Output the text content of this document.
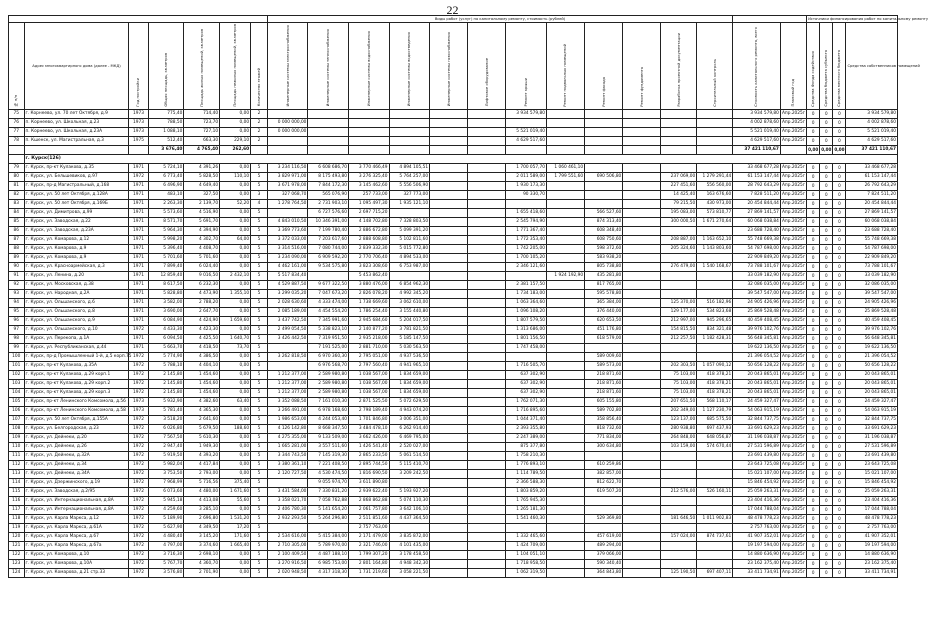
22
							Виды работ (услуг) по капитальному ремонту, стоимость (рублей)														Источники финансирования работ по капитальному ремонту			
№ п/п	Адрес многоквартирного дома (далее - МКД)	Год постройки	Общая площадь, кв.метров	Площадь жилых помещений, кв.метров	Площадь нежилых помещений, кв.метров	Количество этажей	Инженерные системы электроснабжения	Инженерные системы теплоснабжения	Инженерные системы водоснабжения	Инженерные системы водоотведения	Инженерные системы газоснабжения	Лифтовое оборудование	Ремонт крыши	Ремонт подвальных помещений	Ремонт фасада	Ремонт фундамента	Разработка проектной документации	Строительный контроль	Стоимость капитального ремонта, всего	Плановый год	Средства Фонда содействия	Средства бюджета субъекта	Средства местного бюджета	Средства собственников помещений
75	г. Корнеево, ул. 70 лет Октября, д.9	1973	775,40	714,40	0,00	2							3 934 579,80						3 934 579,80	Апр.2025г	0	0	0	3 934 579,80
76	п. Корнеево, ул. Школьная, д.23	1973	788,50	723,70	0,00	2	0 000 000,00												4 002 878,60	Апр.2025г	0	0	0	4 002 878,60
77	п. Корнеево, ул. Школьная, д.23А	1973	1 088,10	727,10	0,00	2	0 000 000,00						5 521 019,40						5 521 019,40	Апр.2025г	0	0	0	5 521 019,40
78	п. Кшенск, ул. Магистральная, д.3	1975	512,40	663,30	229,10	2							4 629 517,60						4 629 517,60	Апр.2025г	0	0	0	4 629 517,60
			3 676,40	4 765,40	262,60														37 421 110,67		0,00	0,00	0,00	37 421 110,67
	г. Курск(126)																							
79	г. Курск, пр-кт Кулакова, д.35	1971	5 724,10	4 391,26	0,00	5	3 234 116,50	6 608 686,70	3 770 466,49	4 894 105,51			1 700 057,70	1 060 461,10					33 468 677,28	Апр.2025г	0	0	0	33 468 677,28
80	г. Курск, ул. Бельшевиков, д.97	1972	6 773,40	5 828,50	110,10	5	3 829 971,00	8 175 493,80	3 276 325,40	5 764 257,00			2 011 589,00	1 799 551,60	690 506,80		237 069,00	1 279 291,44	61 153 147,44	Апр.2025г	0	0	0	61 153 147,44
81	г. Курск, пр-д Магистральный, д.168	1971	6 496,90	4 649,40	0,00	5	3 671 978,00	7 844 172,30	3 145 462,60	5 556 506,90			1 930 173,30				227 451,60	556 560,00	28 792 643,29	Апр.2025г	0	0	0	26 792 643,29
82	г. Курск, ул. 50 лет Октября, д.128А	1971	483,10	327,50	0,00	3	327 068,70	565 076,90	257 733,00	327 773,00			90 330,70				14 425,40	163 676,60	7 828 511,20	Апр.2025г	0	0	0	7 824 511,20
83	г. Курск, ул. 50 лет Октября, д.169Б	1971	2 263,30	2 139,70	52,20	4	1 278 764,50	2 731 903,10	1 095 497,30	1 935 121,10							79 215,50	430 973,00	20 454 844,44	Апр.2025г	0	0	0	20 454 844,44
84	г. Курск, ул. Димитрова, д.99	1971	5 573,60	4 516,90	0,00	5		6 727 576,60	2 697 715,20				1 655 418,60		566 527,60		195 083,00	573 810,77	27 869 141,57	Апр.2025г	0	0	0	27 869 141,57
85	г. Курск, ул. Заводская, д.22	1971	8 571,70	5 691,70	0,00	5	4 843 010,50	10 346 391,00	4 148 702,80	7 328 803,50			2 545 794,90		874 313,40		300 000,50	1 671 270,64	60 068 038,84	Апр.2025г	0	0	0	60 068 038,84
86	г. Курск, ул. Заводская, д.23А	1971	5 964,30	4 394,90	0,00	5	3 369 773,60	7 199 780,40	2 886 672,80	5 099 391,20			1 771 367,40		608 348,40				23 688 728,40	Апр.2025г	0	0	0	23 688 728,40
87	г. Курск, ул. Комарова, д.12	1971	5 998,20	4 302,70	64,00	5	3 372 033,00	7 203 617,60	2 888 608,80	5 102 811,60			1 772 353,40		608 750,60		208 887,00	1 163 652,10	55 748 669,38	Апр.2025г	0	0	0	55 748 669,38
88	г. Курск, ул. Комарова, д.9	1971	5 396,40	4 408,70	0,00	5	3 314 516,00	7 080 744,00	2 839 332,30	5 015 772,80			1 742 205,00		598 372,60		205 324,60	1 143 803,60	54 787 698,00	Апр.2025г	0	0	0	54 787 698,00
89	г. Курск, ул. Комарова, д.9	1971	5 701,60	5 701,60	0,00	5	3 234 090,00	6 909 592,20	2 770 706,40	4 894 533,00			1 700 105,20		583 938,20				22 909 849,20	Апр.2025г	0	0	0	22 909 849,20
90	г. Курск, ул. Красноармейская, д.3	1971	7 899,40	6 024,40	0,00	5	4 462 161,00	9 534 575,80	3 823 308,60	6 753 987,00			2 346 121,60		805 738,80		276 479,00	1 540 168,67	73 788 101,67	Апр.2025г	0	0	0	73 788 101,67
91	г. Курск, ул. Ленина, д.20	1971	12 859,40	9 016,50	2 432,10	5	5 517 834,40		5 453 862,40					1 924 192,90	435 281,80				33 039 182,90	Апр.2025г	0	0	0	33 039 182,90
92	г. Курск, ул. Московская, д.38	1971	8 617,50	6 232,30	0,00	5	4 529 887,50	9 677 322,50	3 880 476,00	6 854 962,30			2 381 157,50		817 765,00				32 086 035,00	Апр.2025г	0	0	0	32 086 035,00
93	г. Курск, ул. Народная, д.2А	1971	5 828,80	4 473,90	1 355,10	5	3 299 035,20	7 047 673,20	2 826 078,20	4 992 345,20			1 734 183,00		595 578,80				39 547 547,00	Апр.2025г	0	0	0	39 547 547,00
94	г. Курск, ул. Ольшанского, д.6	1971	3 582,00	2 788,20	0,00	5	2 028 630,60	4 333 474,00	1 738 669,60	3 062 610,00			1 063 364,60		365 384,00		125 370,00	516 182,96	24 905 426,96	Апр.2025г	0	0	0	24 905 426,96
95	г. Курск, ул. Ольшанского, д.8	1971	3 690,00	2 647,70	0,00	5	2 085 189,00	4 454 554,20	1 786 254,40	3 155 440,80			1 096 108,20		376 440,00		129 177,00	534 823,68	25 869 528,48	Апр.2025г	0	0	0	25 869 528,48
96	г. Курск, ул. Ольшанского, д.9	1971	6 084,90	4 424,90	1 659,60	5	3 437 742,50	7 345 991,60	2 945 684,60	5 204 017,50			1 807 579,50		620 653,50		212 997,00	945 296,65	40 459 408,45	Апр.2025г	0	0	0	40 459 408,45
97	г. Курск, ул. Ольшанского, д.10	1972	4 433,30	4 423,30	0,00	5	2 499 054,50	5 338 823,10	2 140 877,20	3 781 821,50			1 313 686,00		451 176,80		154 815,50	834 321,48	39 976 102,76	Апр.2025г	0	0	0	39 976 102,76
98	г. Курск, ул. Перекопа, д.1А	1971	6 094,50	4 425,50	1 640,70	5	3 426 442,50	7 319 951,50	2 935 218,00	5 185 147,50			1 801 156,50		618 579,00		212 257,50	1 182 428,31	56 648 345,81	Апр.2025г	0	0	0	56 648 345,81
99	г. Курск, ул. Республиканская, д.44	1971	5 663,70	4 418,50	73,70	5		7 191 525,00	2 881 710,00	5 030 563,50			1 747 458,00						19 622 136,50	Апр.2025г	0	0	0	19 622 136,50
100	г. Курск, пр-д Промышленный 1-й, д.5 корп.75	1972	5 774,90	4 386,50	0,00	5	3 262 818,50	6 970 360,30	2 795 051,00	4 937 536,50					589 009,60				21 396 054,52	Апр.2025г	0	0	0	21 396 054,52
101	г. Курск, пр-кт Кулакова, д.35А	1972	5 788,10	4 404,10	0,00	5		6 976 568,70	2 797 560,40	4 941 965,10			1 716 505,70		589 573,00		202 303,50	1 057 090,12	50 656 128,22	Апр.2025г	0	0	0	50 656 128,22
102	г. Курск, пр-кт Кулакова, д.29 корп.1	1972	2 145,80	1 454,60	0,00	5	1 212 377,00	2 589 980,80	1 038 567,00	1 834 659,00			637 302,90		218 871,60		75 103,00	418 378,21	20 043 865,01	Апр.2025г	0	0	0	20 043 865,01
103	г. Курск, пр-кт Кулакова, д.29 корп.2	1972	2 145,80	1 454,60	0,00	5	1 212 377,00	2 589 980,80	1 038 567,00	1 834 659,00			637 302,90		218 871,60		75 103,00	418 378,21	20 043 865,01	Апр.2025г	0	0	0	20 043 865,01
104	г. Курск, пр-кт Кулакова, д.29 корп.3	1972	2 145,80	1 454,60	0,00	5	1 212 377,00	2 589 980,80	1 038 567,00	1 834 659,00			637 302,90		218 871,60		75 103,00	418 378,21	20 043 865,01	Апр.2025г	0	0	0	20 043 865,01
105	г. Курск, пр-кт Ленинского Комсомола, д.56	1973	5 932,90	4 382,60	63,40	5	3 352 088,50	7 161 010,30	2 871 525,50	5 072 629,50			1 762 071,30		605 155,80		207 651,50	568 110,17	24 459 327,47	Апр.2025г	0	0	0	24 459 327,47
106	г. Курск, пр-кт Ленинского Комсомола, д.58	1973	5 781,40	4 365,30	0,00	5	3 266 491,00	6 978 168,60	2 798 189,40	4 943 074,20			1 716 895,60		589 702,80		202 349,00	1 127 230,79	54 063 915,19	Апр.2025г	0	0	0	54 063 915,19
107	г. Курск, ул. 50 лет Октября, д.155А	1972	3 518,20	2 641,60	0,00	5	1 986 653,00	4 244 053,40	1 701 846,80	3 006 351,00			1 044 371,40		358 856,40		123 137,00	685 575,50	32 844 737,75	Апр.2025г	0	0	0	32 844 737,75
108	г. Курск, ул. Белгородская, д.23	1972	6 026,80	5 679,50	188,60	5	4 126 142,80	8 668 347,50	3 484 478,10	6 262 914,40			2 393 355,80		818 732,60		280 938,80	697 437,93	33 691 629,23	Апр.2025г	0	0	0	33 691 629,23
109	г. Курск, ул. Дейнеки, д.20	1972	7 567,50	5 610,30	0,00	5	4 275 355,00	9 133 509,00	3 662 426,00	6 469 795,00			2 247 389,00		771 834,00		264 848,00	648 056,87	31 196 038,87	Апр.2025г	0	0	0	31 196 038,87
110	г. Курск, ул. Дейнеки, д.26	1972	2 947,40	1 949,30	0,00	5	1 665 281,00	3 557 511,60	1 426 541,40	2 520 027,00			875 377,80		300 634,80		103 159,00	574 670,44	27 531 596,89	Апр.2025г	0	0	0	27 531 596,89
111	г. Курск, ул. Дейнеки, д.32А	1972	5 919,50	4 393,20	0,00	5	3 344 743,50	7 145 319,30	2 865 233,50	5 061 514,50			1 758 210,30						23 691 439,80	Апр.2025г	0	0	0	23 691 439,80
112	г. Курск, ул. Дейнеки, д.34	1972	5 982,04	4 417,84	0,00	5	3 380 361,10	7 221 408,50	2 895 744,50	5 115 410,70			1 776 893,10		610 259,86				23 643 725,08	Апр.2025г	0	0	0	23 643 725,08
113	г. Курск, ул. Дейнеки, д.34А	1972	3 753,50	2 793,00	0,00	5	2 120 727,50	4 530 474,50	1 816 690,50	3 209 242,50			1 114 789,50		382 857,00				15 021 107,00	Апр.2025г	0	0	0	15 021 107,00
114	г. Курск, ул. Дзержинского, д.19	1972	7 968,99	5 716,56	375,40	5		9 055 974,70	3 611 890,80				2 366 588,30		812 622,70				15 846 454,92	Апр.2025г	0	0	0	15 846 454,92
115	г. Курск, ул. Заводская, д.2/95	1972	6 073,60	4 480,00	1 671,60	5	3 431 584,00	7 330 831,20	2 939 622,40	5 193 927,20			1 803 859,20		619 507,20		212 576,00	526 160,11	25 059 263,31	Апр.2025г	0	0	0	25 059 263,31
116	г. Курск, ул. Интернациональная, д.8А	1972	5 945,18	4 413,08	55,60	5	3 358 021,70	7 058 762,88	2 868 862,88	5 074 110,30			1 765 945,30						23 404 416,36	Апр.2025г	0	0	0	23 404 416,36
117	г. Курск, ул. Интернациональная, д.8А	1972	4 259,60	3 285,10	0,00	5	2 406 780,30	5 141 654,20	2 061 757,80	3 642 106,10			1 265 181,30						17 044 788,04	Апр.2025г	0	0	0	17 044 788,04
118	г. Курск, ул. Карла Маркса, д.12	1972	5 189,90	2 696,80	1 531,20	5	2 932 293,50	5 264 296,80	2 511 851,60	4 437 364,50			1 541 460,30		529 369,80		181 646,50	1 011 902,83	48 478 778,23	Апр.2025г	0	0	0	48 478 778,23
119	г. Курск, ул. Карла Маркса, д.61А	1972	5 627,90	4 349,50	17,20	5			2 757 763,00										2 757 763,00	Апр.2025г	0	0	0	2 757 763,00
120	г. Курск, ул. Карла Маркса, д.67	1972	4 480,40	3 145,20	171,60	5	2 534 616,00	5 415 384,00	2 171 479,00	3 835 872,00			1 332 465,60		457 619,00		157 024,00	874 737,61	41 907 352,01	Апр.2025г	0	0	0	41 907 352,01
121	г. Курск, ул. Карла Маркса, д.67а	1972	4 797,00	3 374,60	1 665,40	5	2 710 305,00	5 789 970,00	2 321 746,00	4 101 435,00			1 424 709,00		489 294,00				19 197 594,00	Апр.2025г	0	0	0	19 197 594,00
122	г. Курск, ул. Комарова, д.10	1972	3 716,30	2 698,10	0,00	5	2 100 409,50	4 487 188,10	1 799 307,20	3 178 458,50			1 104 051,10		379 066,00				14 880 636,90	Апр.2025г	0	0	0	14 880 636,90
123	г. Курск, ул. Комарова, д.10А	1972	5 767,70	4 360,70	0,00	5	3 270 916,50	6 985 753,00	2 801 164,80	4 948 342,30			1 718 958,50		590 340,40				23 162 375,40	Апр.2025г	0	0	0	23 162 375,40
124	г. Курск, ул. Комарова, д.21 стр.33	1972	3 576,80	2 701,90	0,00	5	2 020 948,50	4 317 318,30	1 731 219,60	3 058 221,50			1 062 319,50		364 843,80		125 190,50	697 407,11	33 411 734,91	Апр.2025г	0	0	0	33 411 734,91
